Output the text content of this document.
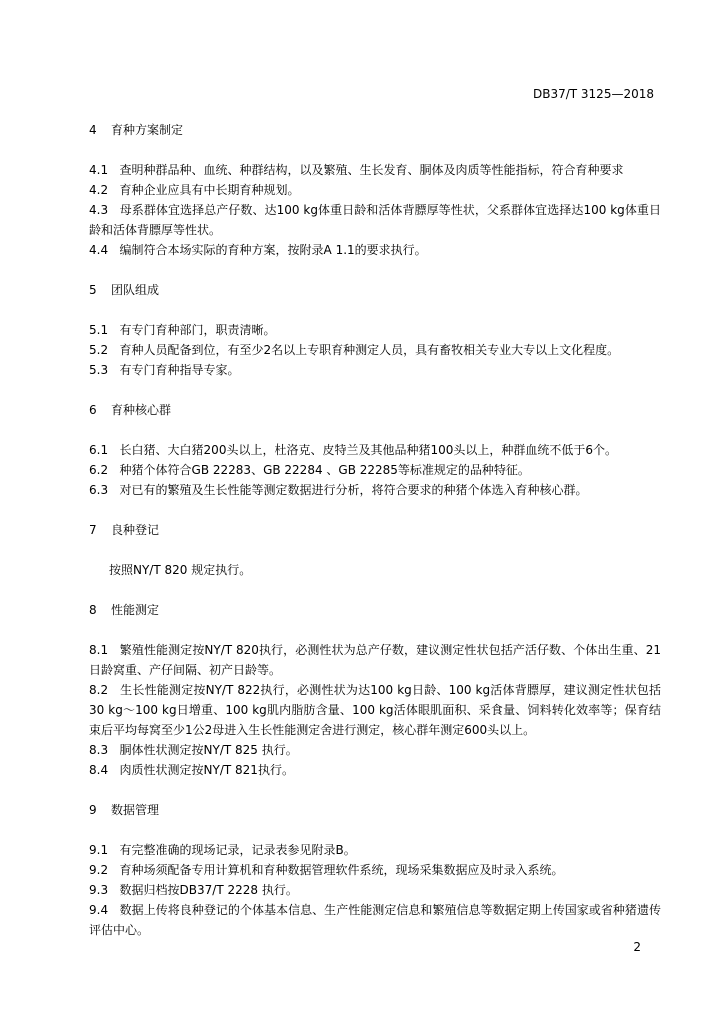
DB37/T 3125—2018
4 育种方案制定

4.1 查明种群品种、血统、种群结构，以及繁殖、生长发育、胴体及肉质等性能指标，符合育种要求

4.2 育种企业应具有中长期育种规划。

4.3 母系群体宜选择总产仔数、达100 kg体重日龄和活体背膘厚等性状，父系群体宜选择达100 kg体重日龄和活体背膘厚等性状。

4.4 编制符合本场实际的育种方案，按附录A 1.1的要求执行。

5 团队组成

5.1 有专门育种部门，职责清晰。

5.2 育种人员配备到位，有至少2名以上专职育种测定人员，具有畜牧相关专业大专以上文化程度。

5.3 有专门育种指导专家。

6 育种核心群

6.1 长白猪、大白猪200头以上，杜洛克、皮特兰及其他品种猪100头以上，种群血统不低于6个。

6.2 种猪个体符合GB 22283、GB 22284 、GB 22285等标准规定的品种特征。

6.3 对已有的繁殖及生长性能等测定数据进行分析，将符合要求的种猪个体选入育种核心群。

7 良种登记

按照NY/T 820 规定执行。

8 性能测定

8.1 繁殖性能测定按NY/T 820执行，必测性状为总产仔数，建议测定性状包括产活仔数、个体出生重、21日龄窝重、产仔间隔、初产日龄等。

8.2 生长性能测定按NY/T 822执行，必测性状为达100 kg日龄、100 kg活体背膘厚，建议测定性状包括30 kg～100 kg日增重、100 kg肌内脂肪含量、100 kg活体眼肌面积、采食量、饲料转化效率等；保育结束后平均每窝至少1公2母进入生长性能测定舍进行测定，核心群年测定600头以上。

8.3 胴体性状测定按NY/T 825 执行。

8.4 肉质性状测定按NY/T 821执行。

9 数据管理

9.1 有完整准确的现场记录，记录表参见附录B。

9.2 育种场须配备专用计算机和育种数据管理软件系统，现场采集数据应及时录入系统。

9.3 数据归档按DB37/T 2228 执行。

9.4 数据上传将良种登记的个体基本信息、生产性能测定信息和繁殖信息等数据定期上传国家或省种猪遗传评估中心。

2
